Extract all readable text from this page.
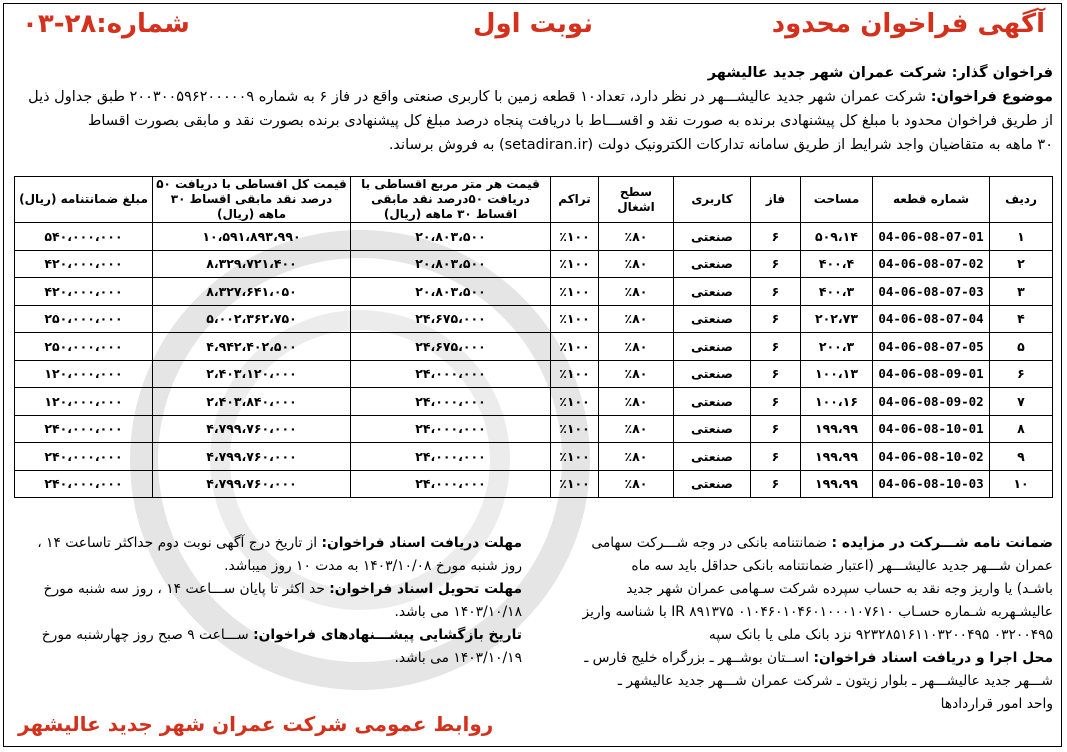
آگهی فراخوان محدود
نوبت اول
شماره:۲۸-۰۳
فراخوان گذار: شرکت عمران شهر جدید عالیشهر
موضوع فراخوان: شرکت عمران شهر جدید عالیشـــهر در نظر دارد، تعداد۱۰ قطعه زمین با کاربری صنعتی واقع در فاز ۶ به شماره ۲۰۰۳۰۰۵۹۶۲۰۰۰۰۰۹ طبق جداول ذیل
از طریق فراخوان محدود با مبلغ کل پیشنهادی برنده به صورت نقد و اقســـاط با دریافت پنجاه درصد مبلغ کل پیشنهادی برنده بصورت نقد و مابقی بصورت اقساط
۳۰ ماهه به متقاضیان واجد شرایط از طریق سامانه تدارکات الکترونیک دولت (setadiran.ir) به فروش برساند.
ردیف	شماره قطعه	مساحت	فاز	کاربری	سطح اشغال	تراکم	قیمت هر متر مربع اقساطی با دریافت ۵۰درصد نقد مابقی اقساط ۳۰ ماهه (ریال)	قیمت کل اقساطی با دریافت ۵۰ درصد نقد مابقی اقساط ۳۰ ماهه (ریال)	مبلغ ضمانتنامه (ریال)
۱	04-06-08-07-01	۵۰۹،۱۴	۶	صنعتی	٪۸۰	٪۱۰۰	۲۰،۸۰۳،۵۰۰	۱۰،۵۹۱،۸۹۳،۹۹۰	۵۴۰،۰۰۰،۰۰۰
۲	04-06-08-07-02	۴۰۰،۴	۶	صنعتی	٪۸۰	٪۱۰۰	۲۰،۸۰۳،۵۰۰	۸،۳۲۹،۷۲۱،۴۰۰	۴۲۰،۰۰۰،۰۰۰
۳	04-06-08-07-03	۴۰۰،۳	۶	صنعتی	٪۸۰	٪۱۰۰	۲۰،۸۰۳،۵۰۰	۸،۳۲۷،۶۴۱،۰۵۰	۴۲۰،۰۰۰،۰۰۰
۴	04-06-08-07-04	۲۰۲،۷۳	۶	صنعتی	٪۸۰	٪۱۰۰	۲۴،۶۷۵،۰۰۰	۵،۰۰۲،۳۶۲،۷۵۰	۲۵۰،۰۰۰،۰۰۰
۵	04-06-08-07-05	۲۰۰،۳	۶	صنعتی	٪۸۰	٪۱۰۰	۲۴،۶۷۵،۰۰۰	۴،۹۴۲،۴۰۲،۵۰۰	۲۵۰،۰۰۰،۰۰۰
۶	04-06-08-09-01	۱۰۰،۱۳	۶	صنعتی	٪۸۰	٪۱۰۰	۲۴،۰۰۰،۰۰۰	۲،۴۰۳،۱۲۰،۰۰۰	۱۲۰،۰۰۰،۰۰۰
۷	04-06-08-09-02	۱۰۰،۱۶	۶	صنعتی	٪۸۰	٪۱۰۰	۲۴،۰۰۰،۰۰۰	۲،۴۰۳،۸۴۰،۰۰۰	۱۲۰،۰۰۰،۰۰۰
۸	04-06-08-10-01	۱۹۹،۹۹	۶	صنعتی	٪۸۰	٪۱۰۰	۲۴،۰۰۰،۰۰۰	۴،۷۹۹،۷۶۰،۰۰۰	۲۴۰،۰۰۰،۰۰۰
۹	04-06-08-10-02	۱۹۹،۹۹	۶	صنعتی	٪۸۰	٪۱۰۰	۲۴،۰۰۰،۰۰۰	۴،۷۹۹،۷۶۰،۰۰۰	۲۴۰،۰۰۰،۰۰۰
۱۰	04-06-08-10-03	۱۹۹،۹۹	۶	صنعتی	٪۸۰	٪۱۰۰	۲۴،۰۰۰،۰۰۰	۴،۷۹۹،۷۶۰،۰۰۰	۲۴۰،۰۰۰،۰۰۰

ضمانت نامه شـــرکت در مزایده : ضمانتنامه بانکی در وجه شـــرکت سهامی

عمران شـــهر جدید عالیشـــهر (اعتبار ضمانتنامه بانکی حداقل باید سه ماه

باشـد) یا واریز وجه نقد به حساب سپرده شرکت سـهامی عمران شهر جدید

عالیشـهربه شـماره حسـاب ۰۱۰۴۶۰۱۰۴۶۰۱۰۰۰۱۰۷۶۱۰ IR ۸۹۱۳۷۵ با شناسه واریز

۰۳۲۰۰۴۹۵ ۹۲۳۲۸۵۱۶۱۱۰۳۲۰۰۴۹۵ نزد بانک ملی یا بانک سپه

محل اجرا و دریافت اسناد فراخوان: اســتان بوشــهر ـ بزرگراه خلیج فارس ـ

شـــهر جدید عالیشـــهر ـ بلوار زیتون ـ شرکت عمران شـــهر جدید عالیشهر ـ

واحد امور قراردادها

مهلت دریافت اسناد فراخوان: از تاریخ درج آگهی نوبت دوم حداکثر تاساعت ۱۴ ،

روز شنبه مورخ ۱۴۰۳/۱۰/۰۸ به مدت ۱۰ روز میباشد.

مهلت تحویل اسناد فراخوان: حد اکثر تا پایان ســـاعت ۱۴ ، روز سه شنبه مورخ

۱۴۰۳/۱۰/۱۸ می باشد.

تاریخ بازگشایی پیشـــنهادهای فراخوان: ســـاعت ۹ صبح روز چهارشنبه مورخ

۱۴۰۳/۱۰/۱۹ می باشد.

روابط عمومی شرکت عمران شهر جدید عالیشهر
